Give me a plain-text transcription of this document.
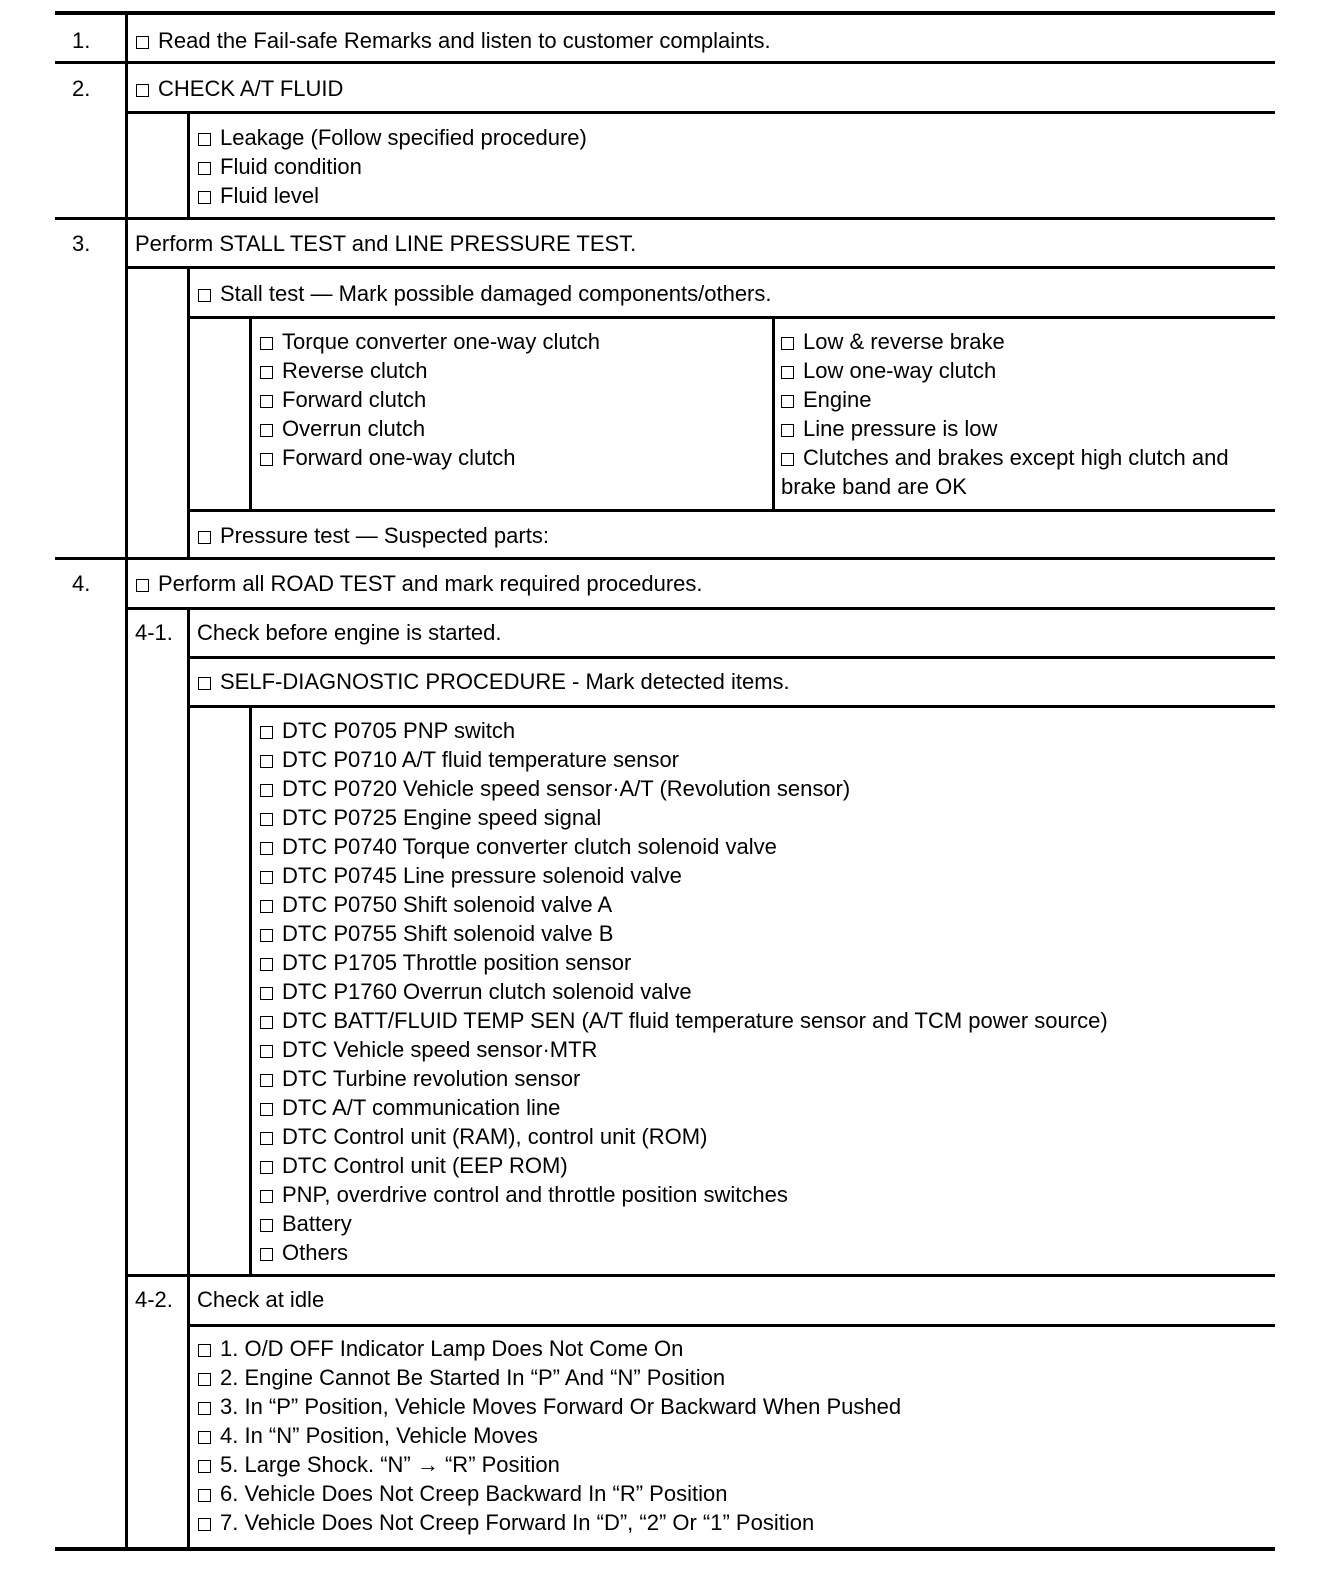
1.	Read the Fail-safe Remarks and listen to customer complaints.
2.	CHECK A/T FLUID
Leakage (Follow specified procedure)
Fluid condition
Fluid level
3. Perform STALL TEST and LINE PRESSURE TEST.
Stall test — Mark possible damaged components/others.
Torque converter one-way clutch
Reverse clutch
Forward clutch
Overrun clutch
Forward one-way clutch
Low & reverse brake
Low one-way clutch
Engine
Line pressure is low
Clutches and brakes except high clutch and brake band are OK
Pressure test — Suspected parts:
4.	Perform all ROAD TEST and mark required procedures.
4-1. Check before engine is started.
SELF-DIAGNOSTIC PROCEDURE - Mark detected items.
DTC P0705 PNP switch
DTC P0710 A/T fluid temperature sensor
DTC P0720 Vehicle speed sensor·A/T (Revolution sensor)
DTC P0725 Engine speed signal
DTC P0740 Torque converter clutch solenoid valve
DTC P0745 Line pressure solenoid valve
DTC P0750 Shift solenoid valve A
DTC P0755 Shift solenoid valve B
DTC P1705 Throttle position sensor
DTC P1760 Overrun clutch solenoid valve
DTC BATT/FLUID TEMP SEN (A/T fluid temperature sensor and TCM power source)
DTC Vehicle speed sensor·MTR
DTC Turbine revolution sensor
DTC A/T communication line
DTC Control unit (RAM), control unit (ROM)
DTC Control unit (EEP ROM)
PNP, overdrive control and throttle position switches
Battery
Others
4-2. Check at idle
1. O/D OFF Indicator Lamp Does Not Come On
2. Engine Cannot Be Started In “P” And “N” Position
3. In “P” Position, Vehicle Moves Forward Or Backward When Pushed
4. In “N” Position, Vehicle Moves
5. Large Shock. “N” → “R” Position
6. Vehicle Does Not Creep Backward In “R” Position
7. Vehicle Does Not Creep Forward In “D”, “2” Or “1” Position
